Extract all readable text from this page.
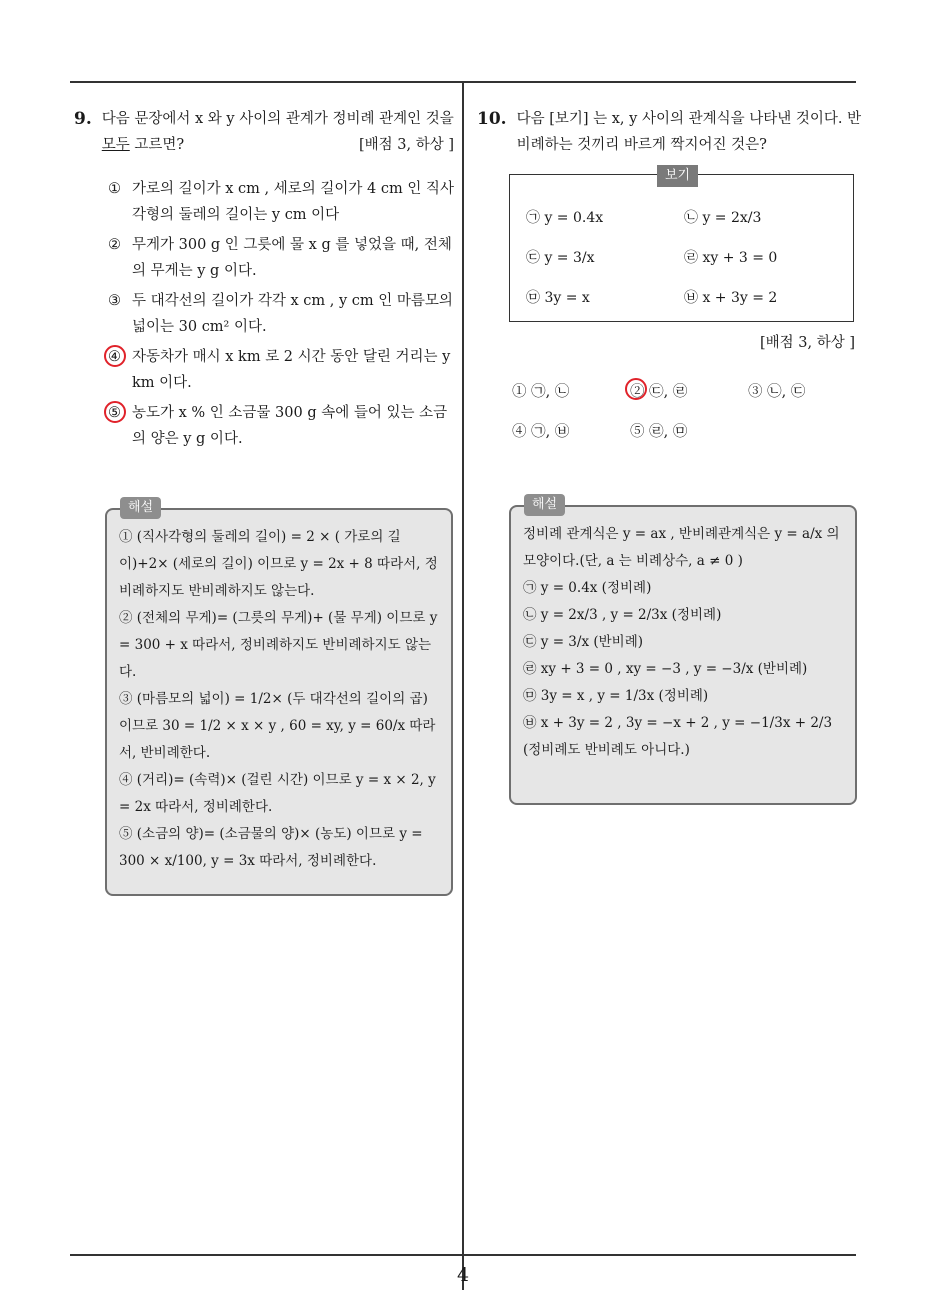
4
9. 다음 문장에서 x 와 y 사이의 관계가 정비례 관계인 것을 모두 고르면?	[배점 3, 하상 ]
① 가로의 길이가 x cm , 세로의 길이가 4 cm 인 직사각형의 둘레의 길이는 y cm 이다
② 무게가 300 g 인 그릇에 물 x g 를 넣었을 때, 전체의 무게는 y g 이다.
③ 두 대각선의 길이가 각각 x cm , y cm 인 마름모의 넓이는 30 cm² 이다.
④ 자동차가 매시 x km 로 2 시간 동안 달린 거리는 y km 이다.
⑤ 농도가 x % 인 소금물 300 g 속에 들어 있는 소금의 양은 y g 이다.
① (직사각형의 둘레의 길이) = 2 × ( 가로의 길이)+2× (세로의 길이) 이므로 y = 2x + 8 따라서, 정비례하지도 반비례하지도 않는다.
② (전체의 무게)= (그릇의 무게)+ (물 무게) 이므로 y = 300 + x 따라서, 정비례하지도 반비례하지도 않는다.
③ (마름모의 넓이) = 1/2× (두 대각선의 길이의 곱)이므로 30 = 1/2 × x × y , 60 = xy, y = 60/x 따라서, 반비례한다.
④ (거리)= (속력)× (걸린 시간) 이므로 y = x × 2, y = 2x 따라서, 정비례한다.
⑤ (소금의 양)= (소금물의 양)× (농도) 이므로 y = 300 × x/100, y = 3x 따라서, 정비례한다.
해설
10. 다음 [보기] 는 x, y 사이의 관계식을 나타낸 것이다. 반비례하는 것끼리 바르게 짝지어진 것은?
㉠ y = 0.4x	㉡ y = 2x/3
㉢ y = 3/x	㉣ xy + 3 = 0
㉤ 3y = x	㉥ x + 3y = 2
보기
[배점 3, 하상 ]
① ㉠, ㉡	② ㉢, ㉣	③ ㉡, ㉢
④ ㉠, ㉥	⑤ ㉣, ㉤
정비례 관계식은 y = ax , 반비례관계식은 y = a/x 의 모양이다.(단, a 는 비례상수, a ≠ 0 )
㉠ y = 0.4x (정비례)
㉡ y = 2x/3 , y = 2/3x (정비례)
㉢ y = 3/x (반비례)
㉣ xy + 3 = 0 , xy = −3 , y = −3/x (반비례)
㉤ 3y = x , y = 1/3x (정비례)
㉥ x + 3y = 2 , 3y = −x + 2 , y = −1/3x + 2/3 (정비례도 반비례도 아니다.)
해설
